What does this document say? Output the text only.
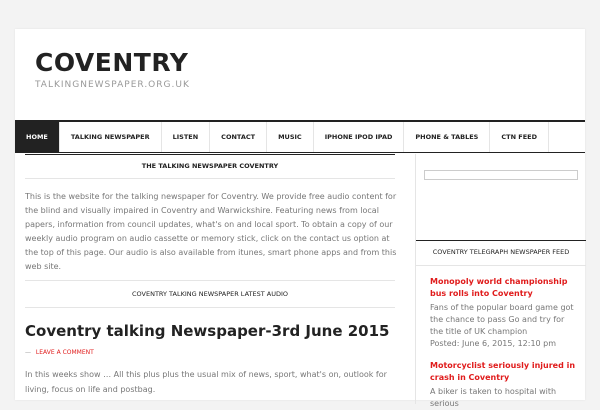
COVENTRY
TALKINGNEWSPAPER.ORG.UK
HOME	TALKING NEWSPAPER	LISTEN	CONTACT	MUSIC	IPHONE IPOD IPAD	PHONE & TABLES	CTN FEED
THE TALKING NEWSPAPER COVENTRY

This is the website for the talking newspaper for Coventry. We provide free audio content for the blind and visually impaired in Coventry and Warwickshire. Featuring news from local papers, information from council updates, what's on and local sport. To obtain a copy of our weekly audio program on audio cassette or memory stick, click on the contact us option at the top of this page. Our audio is also available from itunes, smart phone apps and from this web site.

COVENTRY TALKING NEWSPAPER LATEST AUDIO
Coventry talking Newspaper-3rd June 2015
— LEAVE A COMMENT

In this weeks show … All this plus plus the usual mix of news, sport, what's on, outlook for living, focus on life and postbag.

COVENTRY TELEGRAPH NEWSPAPER FEED
Monopoly world championship bus rolls into Coventry
Fans of the popular board game got the chance to pass Go and try for the title of UK champion
Posted: June 6, 2015, 12:10 pm
Motorcyclist seriously injured in crash in Coventry
A biker is taken to hospital with serious
